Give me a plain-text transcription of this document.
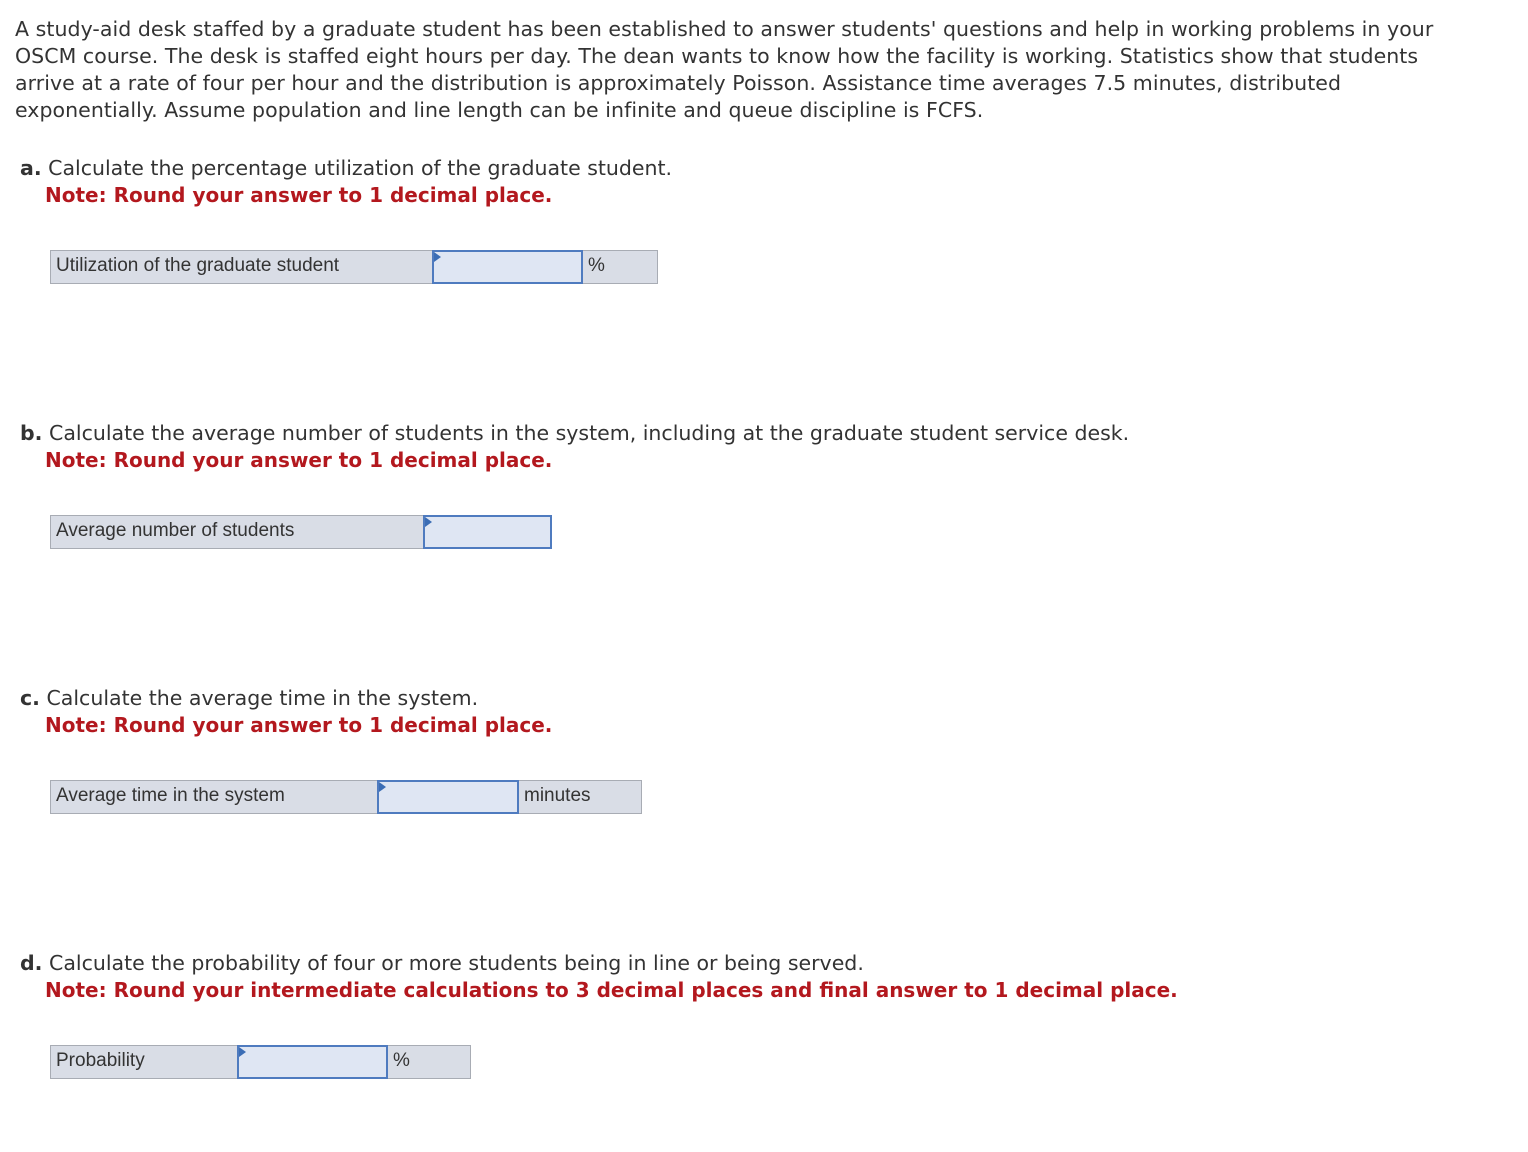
A study-aid desk staffed by a graduate student has been established to answer students' questions and help in working problems in your OSCM course. The desk is staffed eight hours per day. The dean wants to know how the facility is working. Statistics show that students arrive at a rate of four per hour and the distribution is approximately Poisson. Assistance time averages 7.5 minutes, distributed exponentially. Assume population and line length can be infinite and queue discipline is FCFS.
a. Calculate the percentage utilization of the graduate student.
Note: Round your answer to 1 decimal place.
Utilization of the graduate student	%
b. Calculate the average number of students in the system, including at the graduate student service desk.
Note: Round your answer to 1 decimal place.
Average number of students
c. Calculate the average time in the system.
Note: Round your answer to 1 decimal place.
Average time in the system	minutes
d. Calculate the probability of four or more students being in line or being served.
Note: Round your intermediate calculations to 3 decimal places and final answer to 1 decimal place.
Probability	%
